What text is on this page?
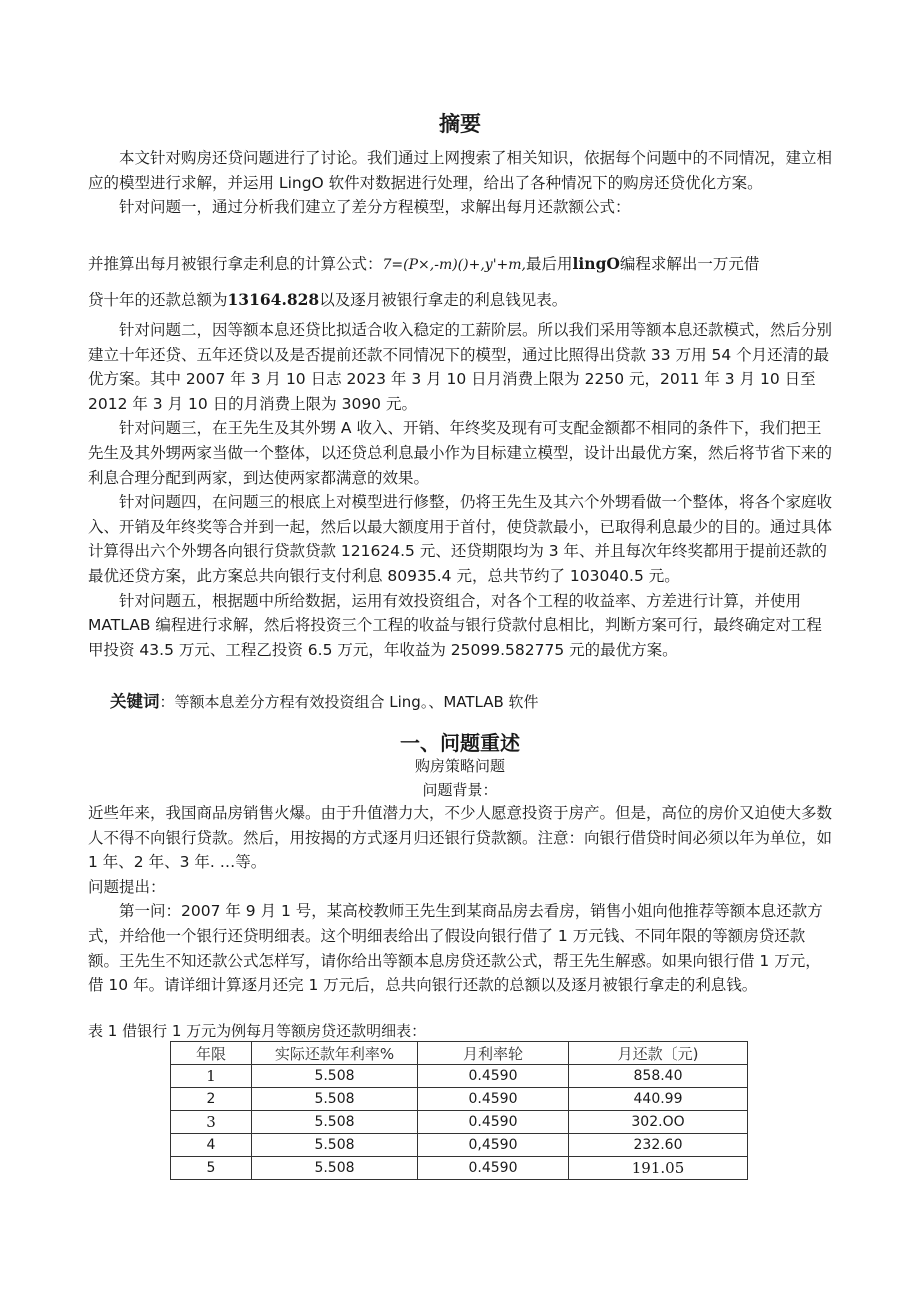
摘要

本文针对购房还贷问题进行了讨论。我们通过上网搜索了相关知识，依据每个问题中的不同情况，建立相应的模型进行求解，并运用 LingO 软件对数据进行处理，给出了各种情况下的购房还贷优化方案。

针对问题一，通过分析我们建立了差分方程模型，求解出每月还款额公式：

并推算出每月被银行拿走利息的计算公式：7=(P×,-m)()+,y'+m,最后用lingO编程求解出一万元借
贷十年的还款总额为13164.828以及逐月被银行拿走的利息钱见表。

针对问题二，因等额本息还贷比拟适合收入稳定的工薪阶层。所以我们采用等额本息还款模式，然后分别建立十年还贷、五年还贷以及是否提前还款不同情况下的模型，通过比照得出贷款 33 万用 54 个月还清的最优方案。其中 2007 年 3 月 10 日志 2023 年 3 月 10 日月消费上限为 2250 元，2011 年 3 月 10 日至 2012 年 3 月 10 日的月消费上限为 3090 元。

针对问题三，在王先生及其外甥 A 收入、开销、年终奖及现有可支配金额都不相同的条件下，我们把王先生及其外甥两家当做一个整体，以还贷总利息最小作为目标建立模型，设计出最优方案，然后将节省下来的利息合理分配到两家，到达使两家都满意的效果。

针对问题四，在问题三的根底上对模型进行修整，仍将王先生及其六个外甥看做一个整体，将各个家庭收入、开销及年终奖等合并到一起，然后以最大额度用于首付，使贷款最小，已取得利息最少的目的。通过具体计算得出六个外甥各向银行贷款贷款 121624.5 元、还贷期限均为 3 年、并且每次年终奖都用于提前还款的最优还贷方案，此方案总共向银行支付利息 80935.4 元，总共节约了 103040.5 元。

针对问题五，根据题中所给数据，运用有效投资组合，对各个工程的收益率、方差进行计算，并使用 MATLAB 编程进行求解，然后将投资三个工程的收益与银行贷款付息相比，判断方案可行，最终确定对工程甲投资 43.5 万元、工程乙投资 6.5 万元，年收益为 25099.582775 元的最优方案。

关键词：等额本息差分方程有效投资组合 Ling。、MATLAB 软件
一、问题重述
购房策略问题
问题背景：

近些年来，我国商品房销售火爆。由于升值潜力大，不少人愿意投资于房产。但是，高位的房价又迫使大多数人不得不向银行贷款。然后，用按揭的方式逐月归还银行贷款额。注意：向银行借贷时间必须以年为单位，如 1 年、2 年、3 年. …等。

问题提出：

第一问：2007 年 9 月 1 号，某高校教师王先生到某商品房去看房，销售小姐向他推荐等额本息还款方式，并给他一个银行还贷明细表。这个明细表给出了假设向银行借了 1 万元钱、不同年限的等额房贷还款额。王先生不知还款公式怎样写，请你给出等额本息房贷还款公式，帮王先生解惑。如果向银行借 1 万元，借 10 年。请详细计算逐月还完 1 万元后，总共向银行还款的总额以及逐月被银行拿走的利息钱。

表 1 借银行 1 万元为例每月等额房贷还款明细表：
年限	实际还款年利率%	月利率轮	月还款〔元)
1	5.508	0.4590	858.40
2	5.508	0.4590	440.99
3	5.508	0.4590	302.OO
4	5.508	0,4590	232.60
5	5.508	0.4590	191.05
